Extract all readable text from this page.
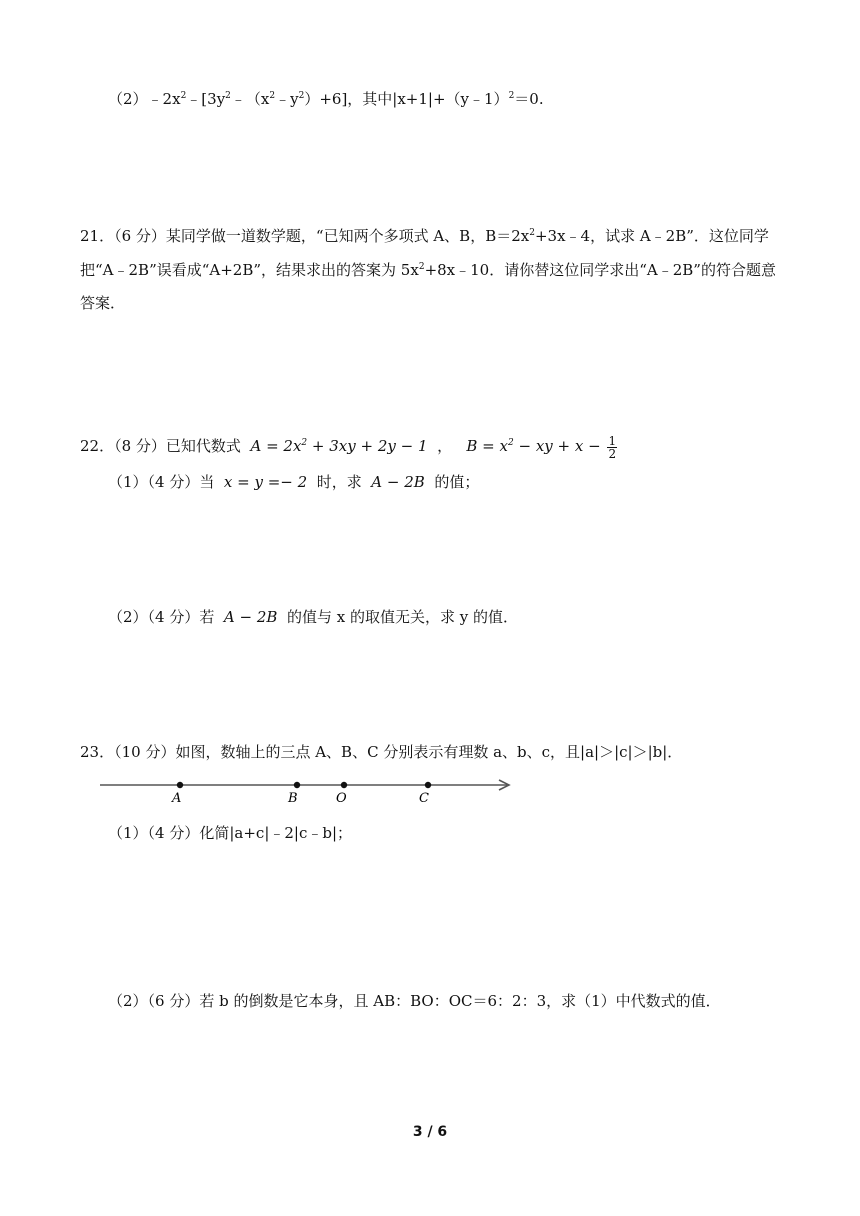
$(2)﹣2x^2﹣[3y^2﹣(x^2﹣y^2)+6]$，其中|x+1|+（y﹣1）$^2$＝0.
21．（6 分）某同学做一道数学题，“已知两个多项式 A、B，$B=2x^2+3x﹣4$，试求 A﹣2B”．这位同学
把“A﹣2B”误看成“A+2B”，结果求出的答案为 $5x^2+8x﹣10$．请你替这位同学求出“A﹣2B”的符合题意
答案．
22．（8 分）已知代数式 $A = 2x^2 + 3xy + 2y - 1$ ， $B = x^2$ − xy + $x - \frac{1}{2}$
（1）（4 分）当 x = y =− 2 时，求 A − 2B 的值；
（2）（4 分）若 A − 2B 的值与 x 的取值无关，求 y 的值．
23．（10 分）如图，数轴上的三点 A、B、C 分别表示有理数 a、b、c，且|a|＞|c|＞|b|．
A	B	O	C
（1）（4 分）化简|a+c|﹣2|c﹣b|；
（2）（6 分）若 b 的倒数是它本身，且 AB：BO：OC＝6：2：3，求（1）中代数式的值．
3 / 6
